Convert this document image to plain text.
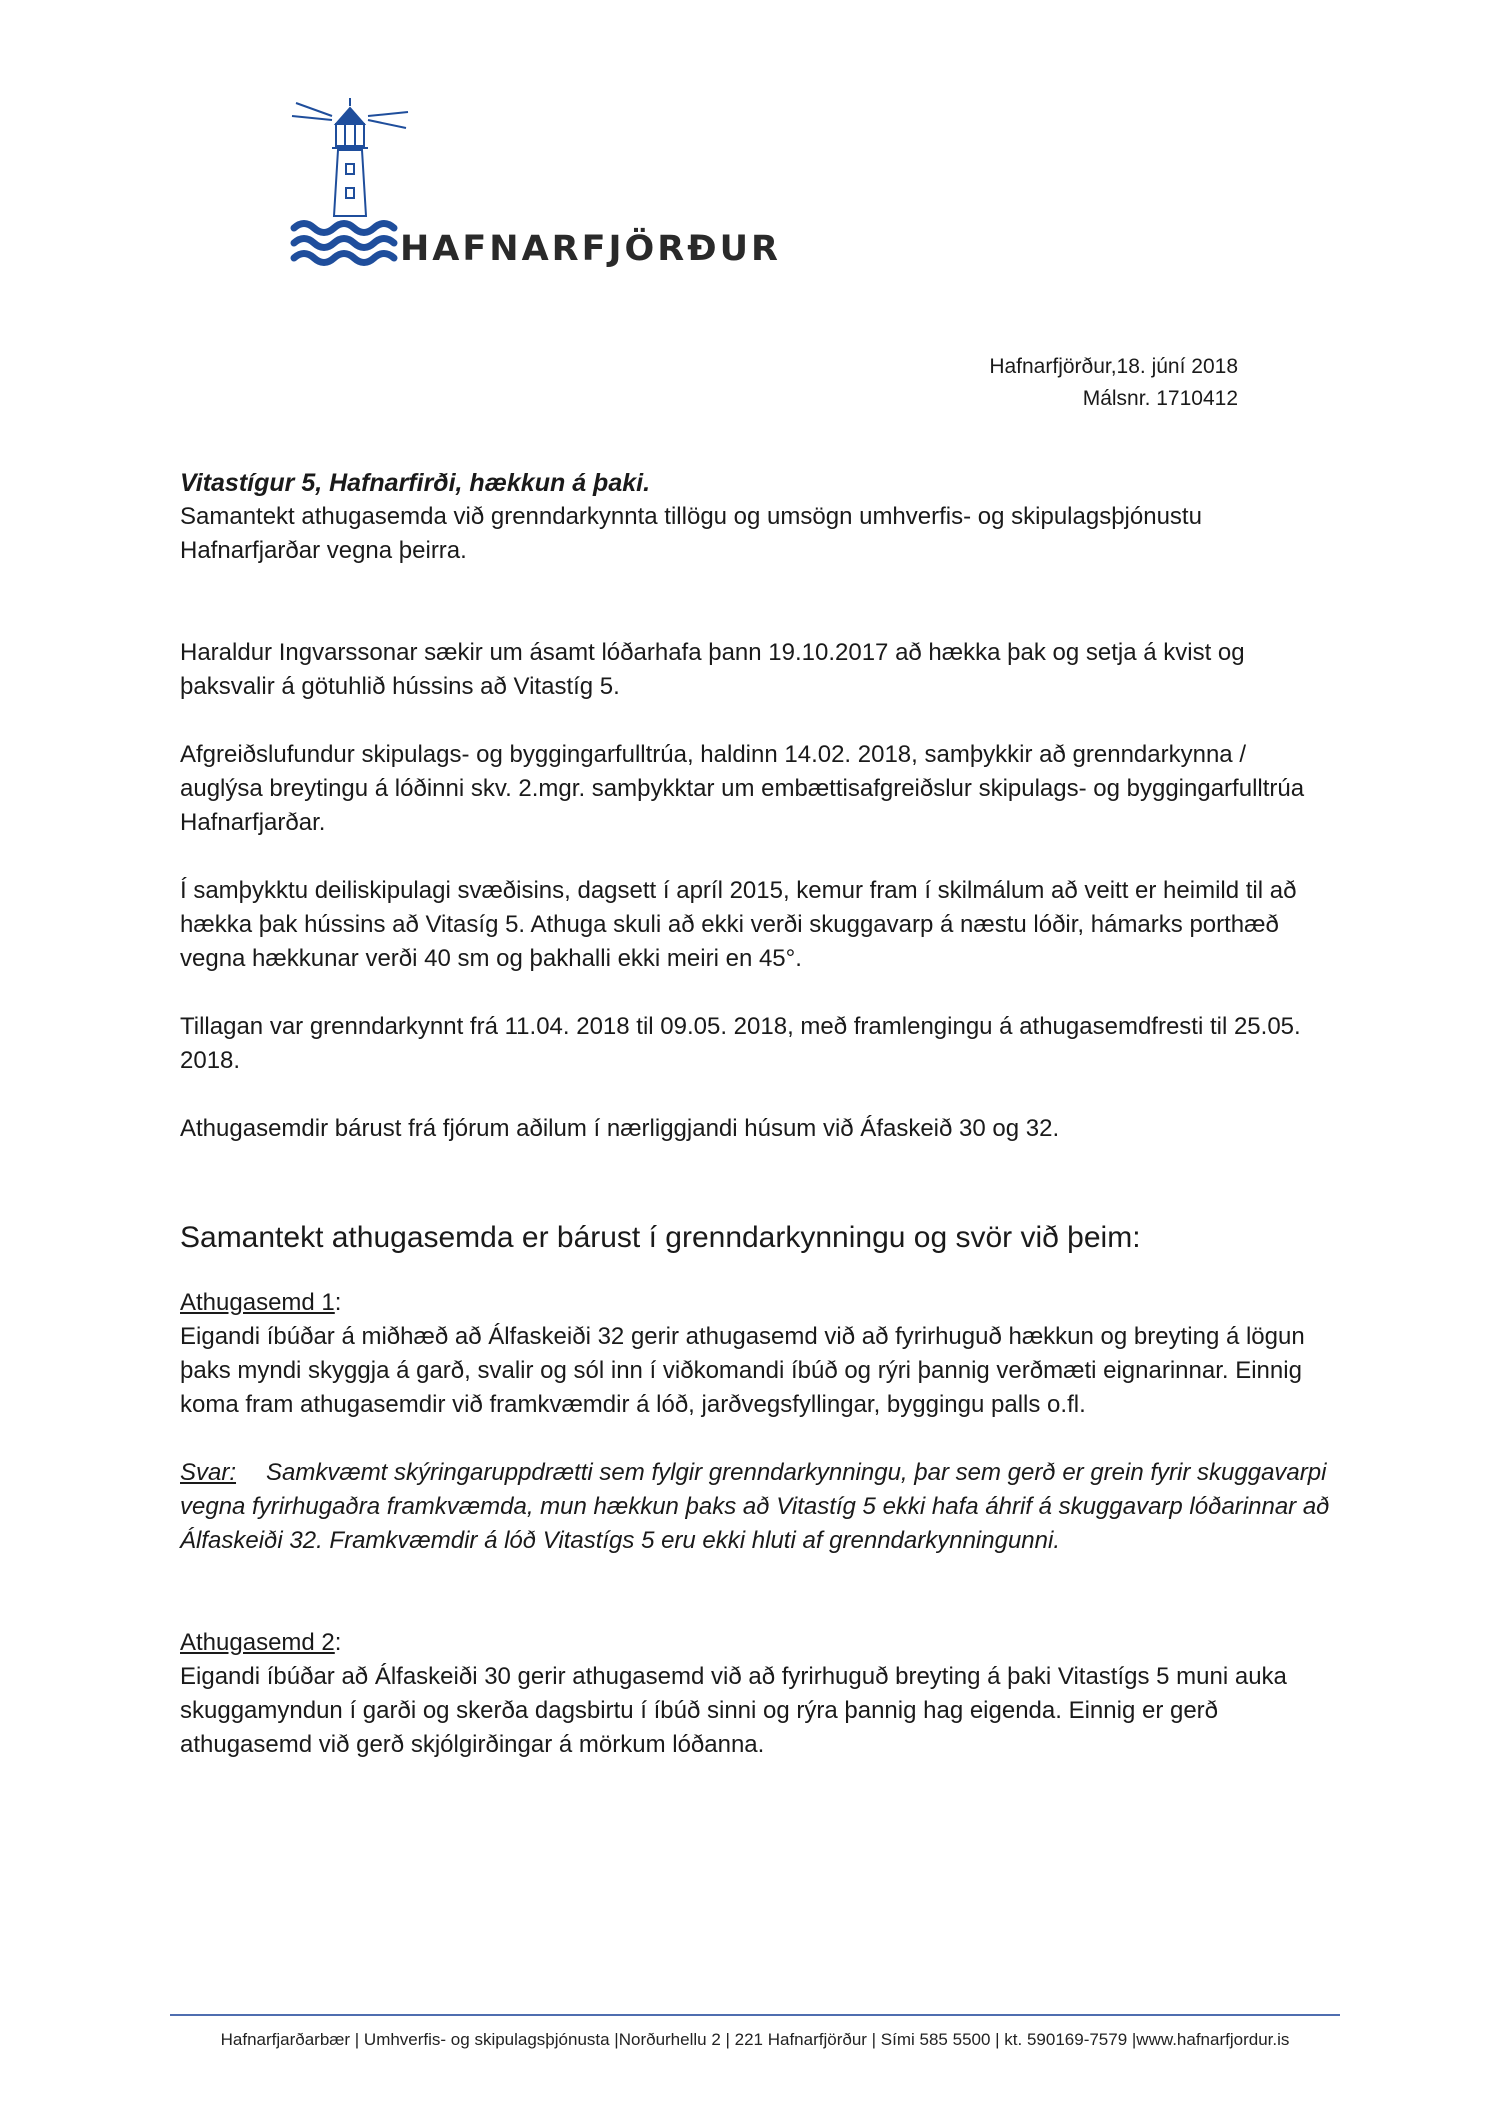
HAFNARFJÖRÐUR
Hafnarfjörður,18. júní 2018
Málsnr. 1710412

Vitastígur 5, Hafnarfirði, hækkun á þaki.

Samantekt athugasemda við grenndarkynnta tillögu og umsögn umhverfis- og skipulagsþjónustu Hafnarfjarðar vegna þeirra.

Haraldur Ingvarssonar sækir um ásamt lóðarhafa þann 19.10.2017 að hækka þak og setja á kvist og þaksvalir á götuhlið hússins að Vitastíg 5.

Afgreiðslufundur skipulags- og byggingarfulltrúa, haldinn 14.02. 2018, samþykkir að grenndarkynna / auglýsa breytingu á lóðinni skv. 2.mgr. samþykktar um embættisafgreiðslur skipulags- og byggingarfulltrúa Hafnarfjarðar.

Í samþykktu deiliskipulagi svæðisins, dagsett í apríl 2015, kemur fram í skilmálum að veitt er heimild til að hækka þak hússins að Vitasíg 5. Athuga skuli að ekki verði skuggavarp á næstu lóðir, hámarks porthæð vegna hækkunar verði 40 sm og þakhalli ekki meiri en 45°.

Tillagan var grenndarkynnt frá 11.04. 2018 til 09.05. 2018, með framlengingu á athugasemdfresti til 25.05. 2018.

Athugasemdir bárust frá fjórum aðilum í nærliggjandi húsum við Áfaskeið 30 og 32.

Samantekt athugasemda er bárust í grenndarkynningu og svör við þeim:

Athugasemd 1:

Eigandi íbúðar á miðhæð að Álfaskeiði 32 gerir athugasemd við að fyrirhuguð hækkun og breyting á lögun þaks myndi skyggja á garð, svalir og sól inn í viðkomandi íbúð og rýri þannig verðmæti eignarinnar. Einnig koma fram athugasemdir við framkvæmdir á lóð, jarðvegsfyllingar, byggingu palls o.fl.

Svar: Samkvæmt skýringaruppdrætti sem fylgir grenndarkynningu, þar sem gerð er grein fyrir skuggavarpi vegna fyrirhugaðra framkvæmda, mun hækkun þaks að Vitastíg 5 ekki hafa áhrif á skuggavarp lóðarinnar að Álfaskeiði 32. Framkvæmdir á lóð Vitastígs 5 eru ekki hluti af grenndarkynningunni.

Athugasemd 2:

Eigandi íbúðar að Álfaskeiði 30 gerir athugasemd við að fyrirhuguð breyting á þaki Vitastígs 5 muni auka skuggamyndun í garði og skerða dagsbirtu í íbúð sinni og rýra þannig hag eigenda. Einnig er gerð athugasemd við gerð skjólgirðingar á mörkum lóðanna.

Hafnarfjarðarbær | Umhverfis- og skipulagsþjónusta |Norðurhellu 2 | 221 Hafnarfjörður | Sími 585 5500 | kt. 590169-7579 |www.hafnarfjordur.is
